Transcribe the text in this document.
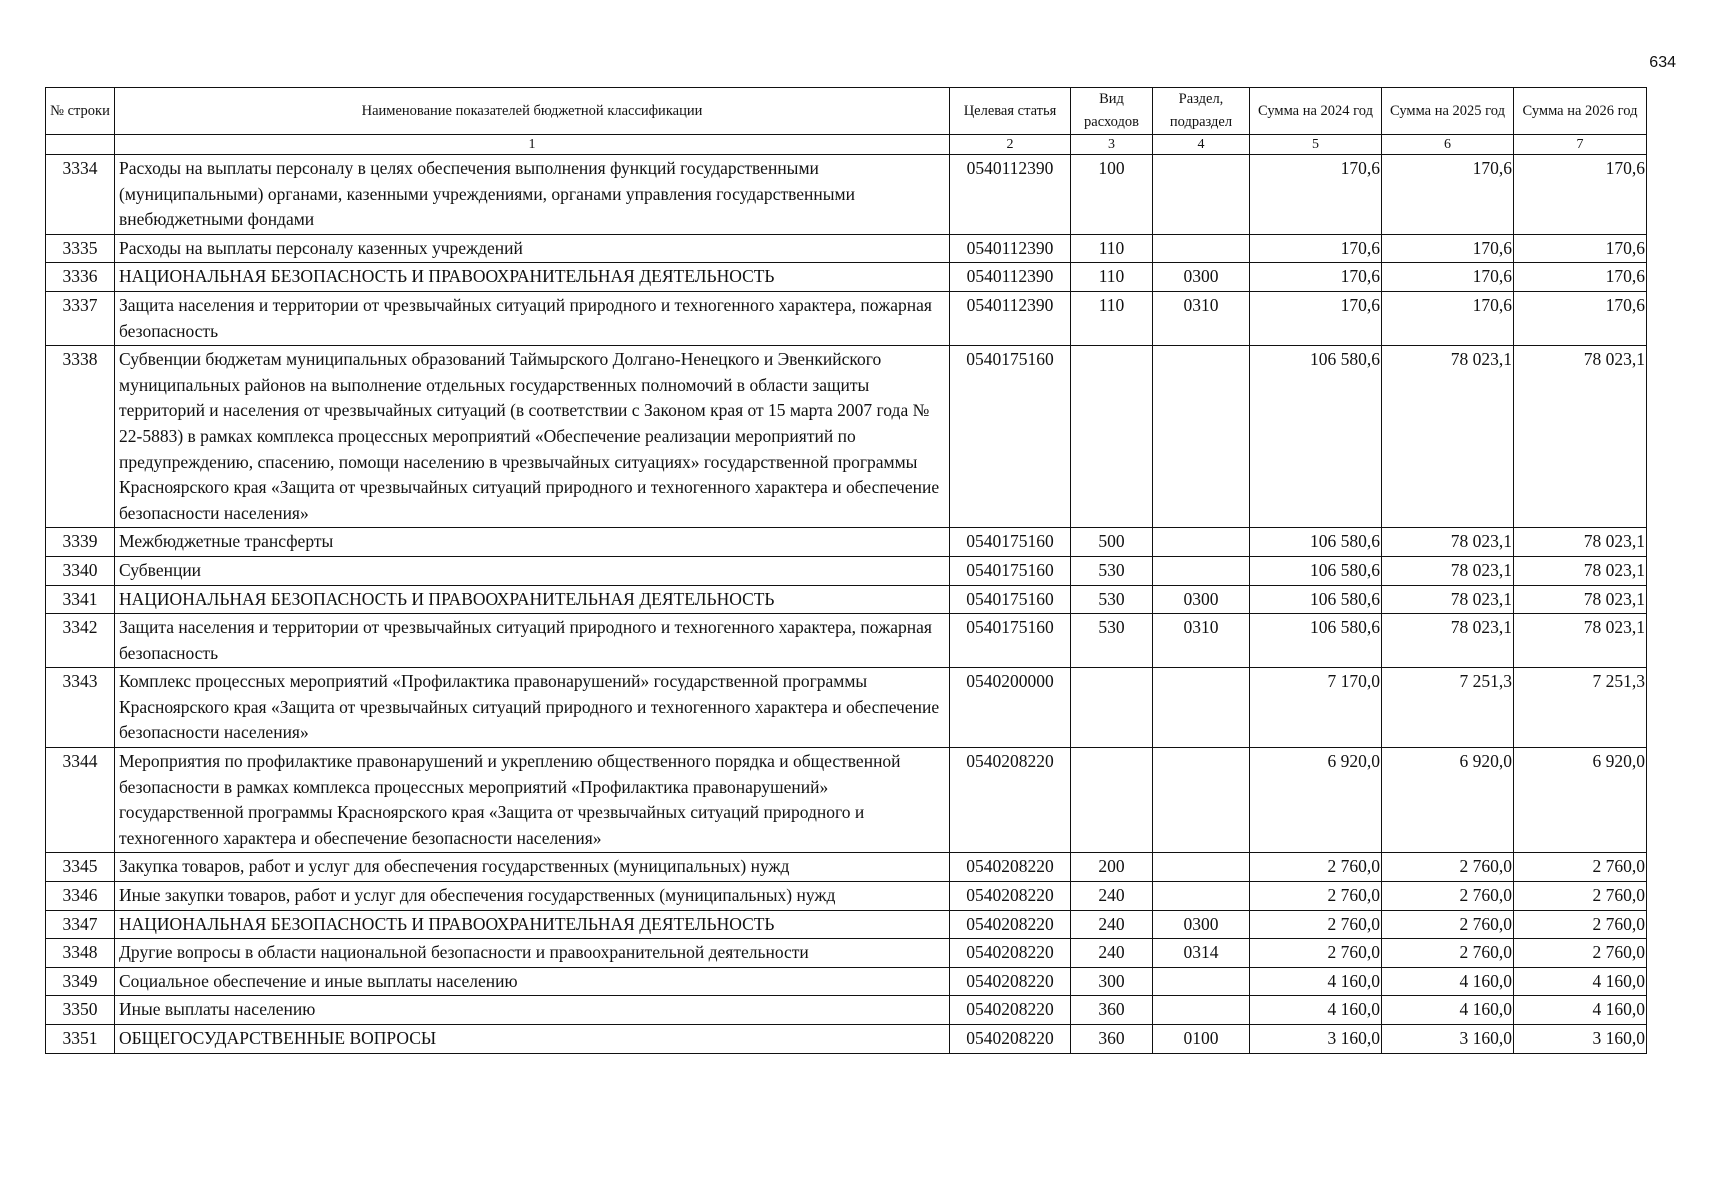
634
№ строки	Наименование показателей бюджетной классификации	Целевая статья	Вид расходов	Раздел, подраздел	Сумма на 2024 год	Сумма на 2025 год	Сумма на 2026 год
	1	2	3	4	5	6	7
3334	Расходы на выплаты персоналу в целях обеспечения выполнения функций государственными (муниципальными) органами, казенными учреждениями, органами управления государственными внебюджетными фондами	0540112390	100		170,6	170,6	170,6
3335	Расходы на выплаты персоналу казенных учреждений	0540112390	110		170,6	170,6	170,6
3336	НАЦИОНАЛЬНАЯ БЕЗОПАСНОСТЬ И ПРАВООХРАНИТЕЛЬНАЯ ДЕЯТЕЛЬНОСТЬ	0540112390	110	0300	170,6	170,6	170,6
3337	Защита населения и территории от чрезвычайных ситуаций природного и техногенного характера, пожарная безопасность	0540112390	110	0310	170,6	170,6	170,6
3338	Субвенции бюджетам муниципальных образований Таймырского Долгано-Ненецкого и Эвенкийского муниципальных районов на выполнение отдельных государственных полномочий в области защиты территорий и населения от чрезвычайных ситуаций (в соответствии с Законом края от 15 марта 2007 года № 22-5883) в рамках комплекса процессных мероприятий «Обеспечение реализации мероприятий по предупреждению, спасению, помощи населению в чрезвычайных ситуациях» государственной программы Красноярского края «Защита от чрезвычайных ситуаций природного и техногенного характера и обеспечение безопасности населения»	0540175160			106 580,6	78 023,1	78 023,1
3339	Межбюджетные трансферты	0540175160	500		106 580,6	78 023,1	78 023,1
3340	Субвенции	0540175160	530		106 580,6	78 023,1	78 023,1
3341	НАЦИОНАЛЬНАЯ БЕЗОПАСНОСТЬ И ПРАВООХРАНИТЕЛЬНАЯ ДЕЯТЕЛЬНОСТЬ	0540175160	530	0300	106 580,6	78 023,1	78 023,1
3342	Защита населения и территории от чрезвычайных ситуаций природного и техногенного характера, пожарная безопасность	0540175160	530	0310	106 580,6	78 023,1	78 023,1
3343	Комплекс процессных мероприятий «Профилактика правонарушений» государственной программы Красноярского края «Защита от чрезвычайных ситуаций природного и техногенного характера и обеспечение безопасности населения»	0540200000			7 170,0	7 251,3	7 251,3
3344	Мероприятия по профилактике правонарушений и укреплению общественного порядка и общественной безопасности в рамках комплекса процессных мероприятий «Профилактика правонарушений» государственной программы Красноярского края «Защита от чрезвычайных ситуаций природного и техногенного характера и обеспечение безопасности населения»	0540208220			6 920,0	6 920,0	6 920,0
3345	Закупка товаров, работ и услуг для обеспечения государственных (муниципальных) нужд	0540208220	200		2 760,0	2 760,0	2 760,0
3346	Иные закупки товаров, работ и услуг для обеспечения государственных (муниципальных) нужд	0540208220	240		2 760,0	2 760,0	2 760,0
3347	НАЦИОНАЛЬНАЯ БЕЗОПАСНОСТЬ И ПРАВООХРАНИТЕЛЬНАЯ ДЕЯТЕЛЬНОСТЬ	0540208220	240	0300	2 760,0	2 760,0	2 760,0
3348	Другие вопросы в области национальной безопасности и правоохранительной деятельности	0540208220	240	0314	2 760,0	2 760,0	2 760,0
3349	Социальное обеспечение и иные выплаты населению	0540208220	300		4 160,0	4 160,0	4 160,0
3350	Иные выплаты населению	0540208220	360		4 160,0	4 160,0	4 160,0
3351	ОБЩЕГОСУДАРСТВЕННЫЕ ВОПРОСЫ	0540208220	360	0100	3 160,0	3 160,0	3 160,0
